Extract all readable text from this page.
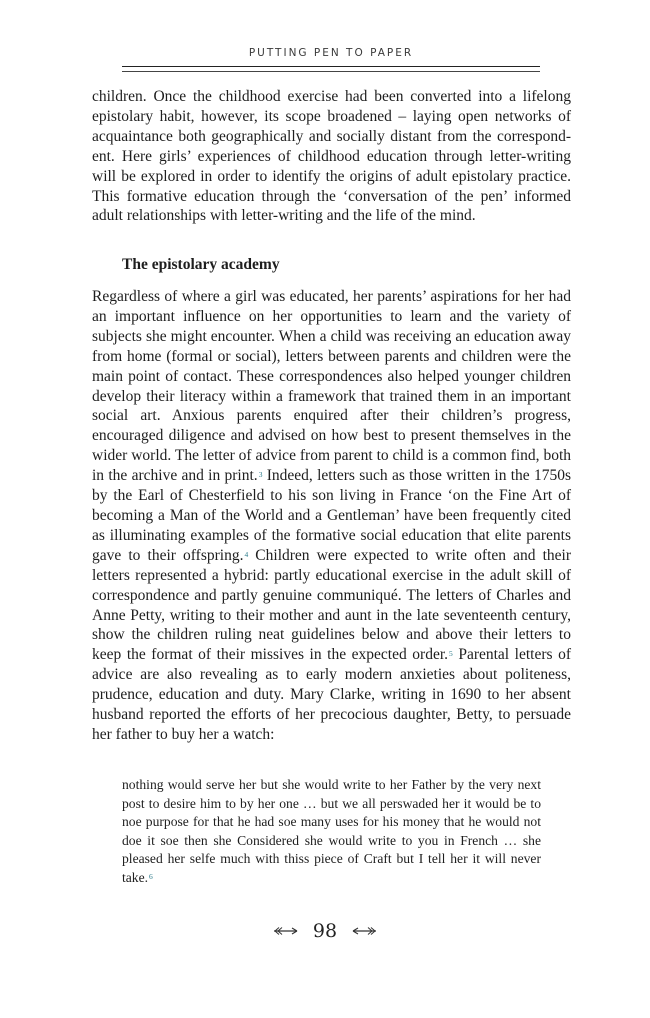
PUTTING PEN TO PAPER

children. Once the childhood exercise had been converted into a lifelong epistolary habit, however, its scope broadened – laying open networks of acquaintance both geographically and socially distant from the correspondent. Here girls’ experiences of childhood education through letter-writing will be explored in order to identify the origins of adult epistolary practice. This formative education through the ‘conversation of the pen’ informed adult relationships with letter-writing and the life of the mind.

The epistolary academy

Regardless of where a girl was educated, her parents’ aspirations for her had an important influence on her opportunities to learn and the variety of subjects she might encounter. When a child was receiving an education away from home (formal or social), letters between parents and children were the main point of contact. These correspondences also helped younger children develop their literacy within a framework that trained them in an important social art. Anxious parents enquired after their children’s progress, encouraged diligence and advised on how best to present themselves in the wider world. The letter of advice from parent to child is a common find, both in the archive and in print.$^3$ Indeed, letters such as those written in the 1750s by the Earl of Chesterfield to his son living in France ‘on the Fine Art of becoming a Man of the World and a Gentleman’ have been frequently cited as illuminating examples of the formative social education that elite parents gave to their offspring.$^4$ Children were expected to write often and their letters represented a hybrid: partly educational exercise in the adult skill of correspondence and partly genuine communiqué. The letters of Charles and Anne Petty, writing to their mother and aunt in the late seventeenth century, show the children ruling neat guidelines below and above their letters to keep the format of their missives in the expected order.$^5$ Parental letters of advice are also revealing as to early modern anxieties about politeness, prudence, education and duty. Mary Clarke, writing in 1690 to her absent husband reported the efforts of her precocious daughter, Betty, to persuade her father to buy her a watch:

nothing would serve her but she would write to her Father by the very next post to desire him to by her one … but we all perswaded her it would be to noe purpose for that he had soe many uses for his money that he would not doe it soe then she Considered she would write to you in French … she pleased her selfe much with thiss piece of Craft but I tell her it will never take.$^6$

98
